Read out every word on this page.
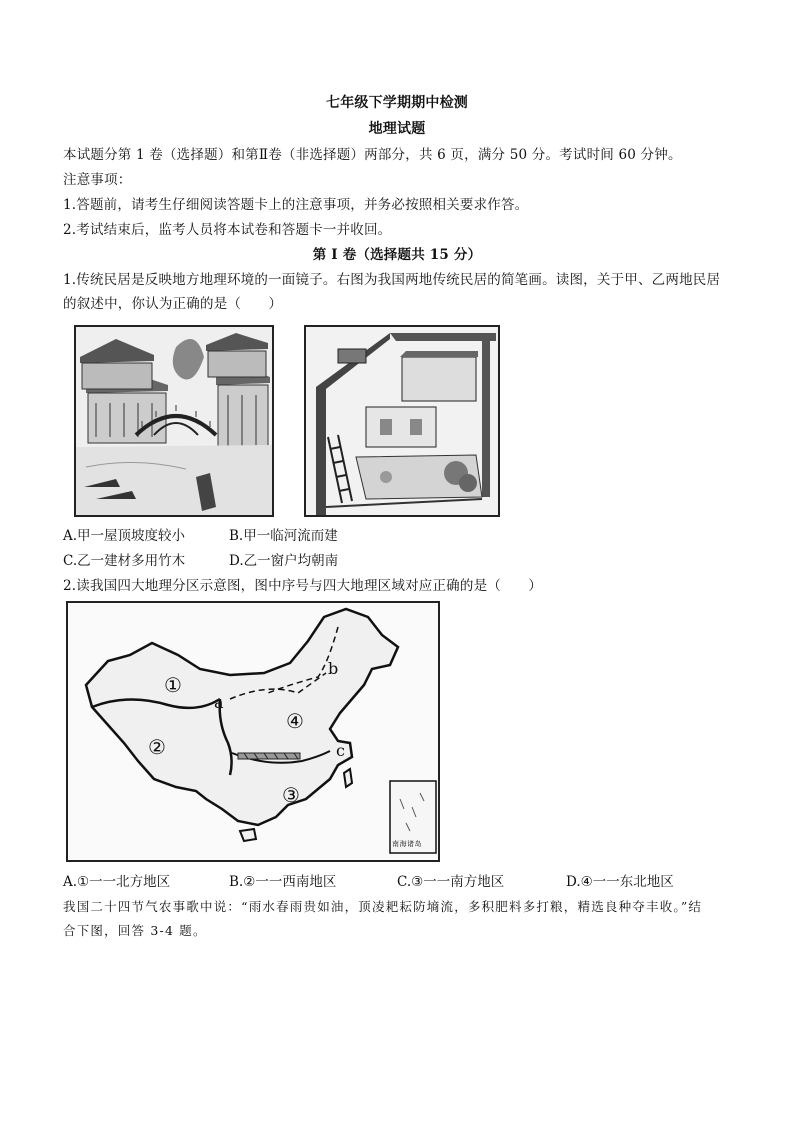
七年级下学期期中检测
地理试题
本试题分第 1 卷（选择题）和第Ⅱ卷（非选择题）两部分，共 6 页，满分 50 分。考试时间 60 分钟。
注意事项：
1.答题前，请考生仔细阅读答题卡上的注意事项，并务必按照相关要求作答。
2.考试结束后，监考人员将本试卷和答题卡一并收回。
第 I 卷（选择题共 15 分）
1.传统民居是反映地方地理环境的一面镜子。右图为我国两地传统民居的简笔画。读图，关于甲、乙两地民居
的叙述中，你认为正确的是（　　）
A.甲一屋顶坡度较小	B.甲一临河流而建
C.乙一建材多用竹木	D.乙一窗户均朝南
2.读我国四大地理分区示意图，图中序号与四大地理区域对应正确的是（　　）
①
②
③
④
a
b
c
南海诸岛
A.①一一北方地区	B.②一一西南地区	C.③一一南方地区	D.④一一东北地区
我国二十四节气农事歌中说：“雨水春雨贵如油，顶凌耙耘防墒流，多积肥料多打粮，精选良种夺丰收。”结
合下图，回答 3-4 题。
